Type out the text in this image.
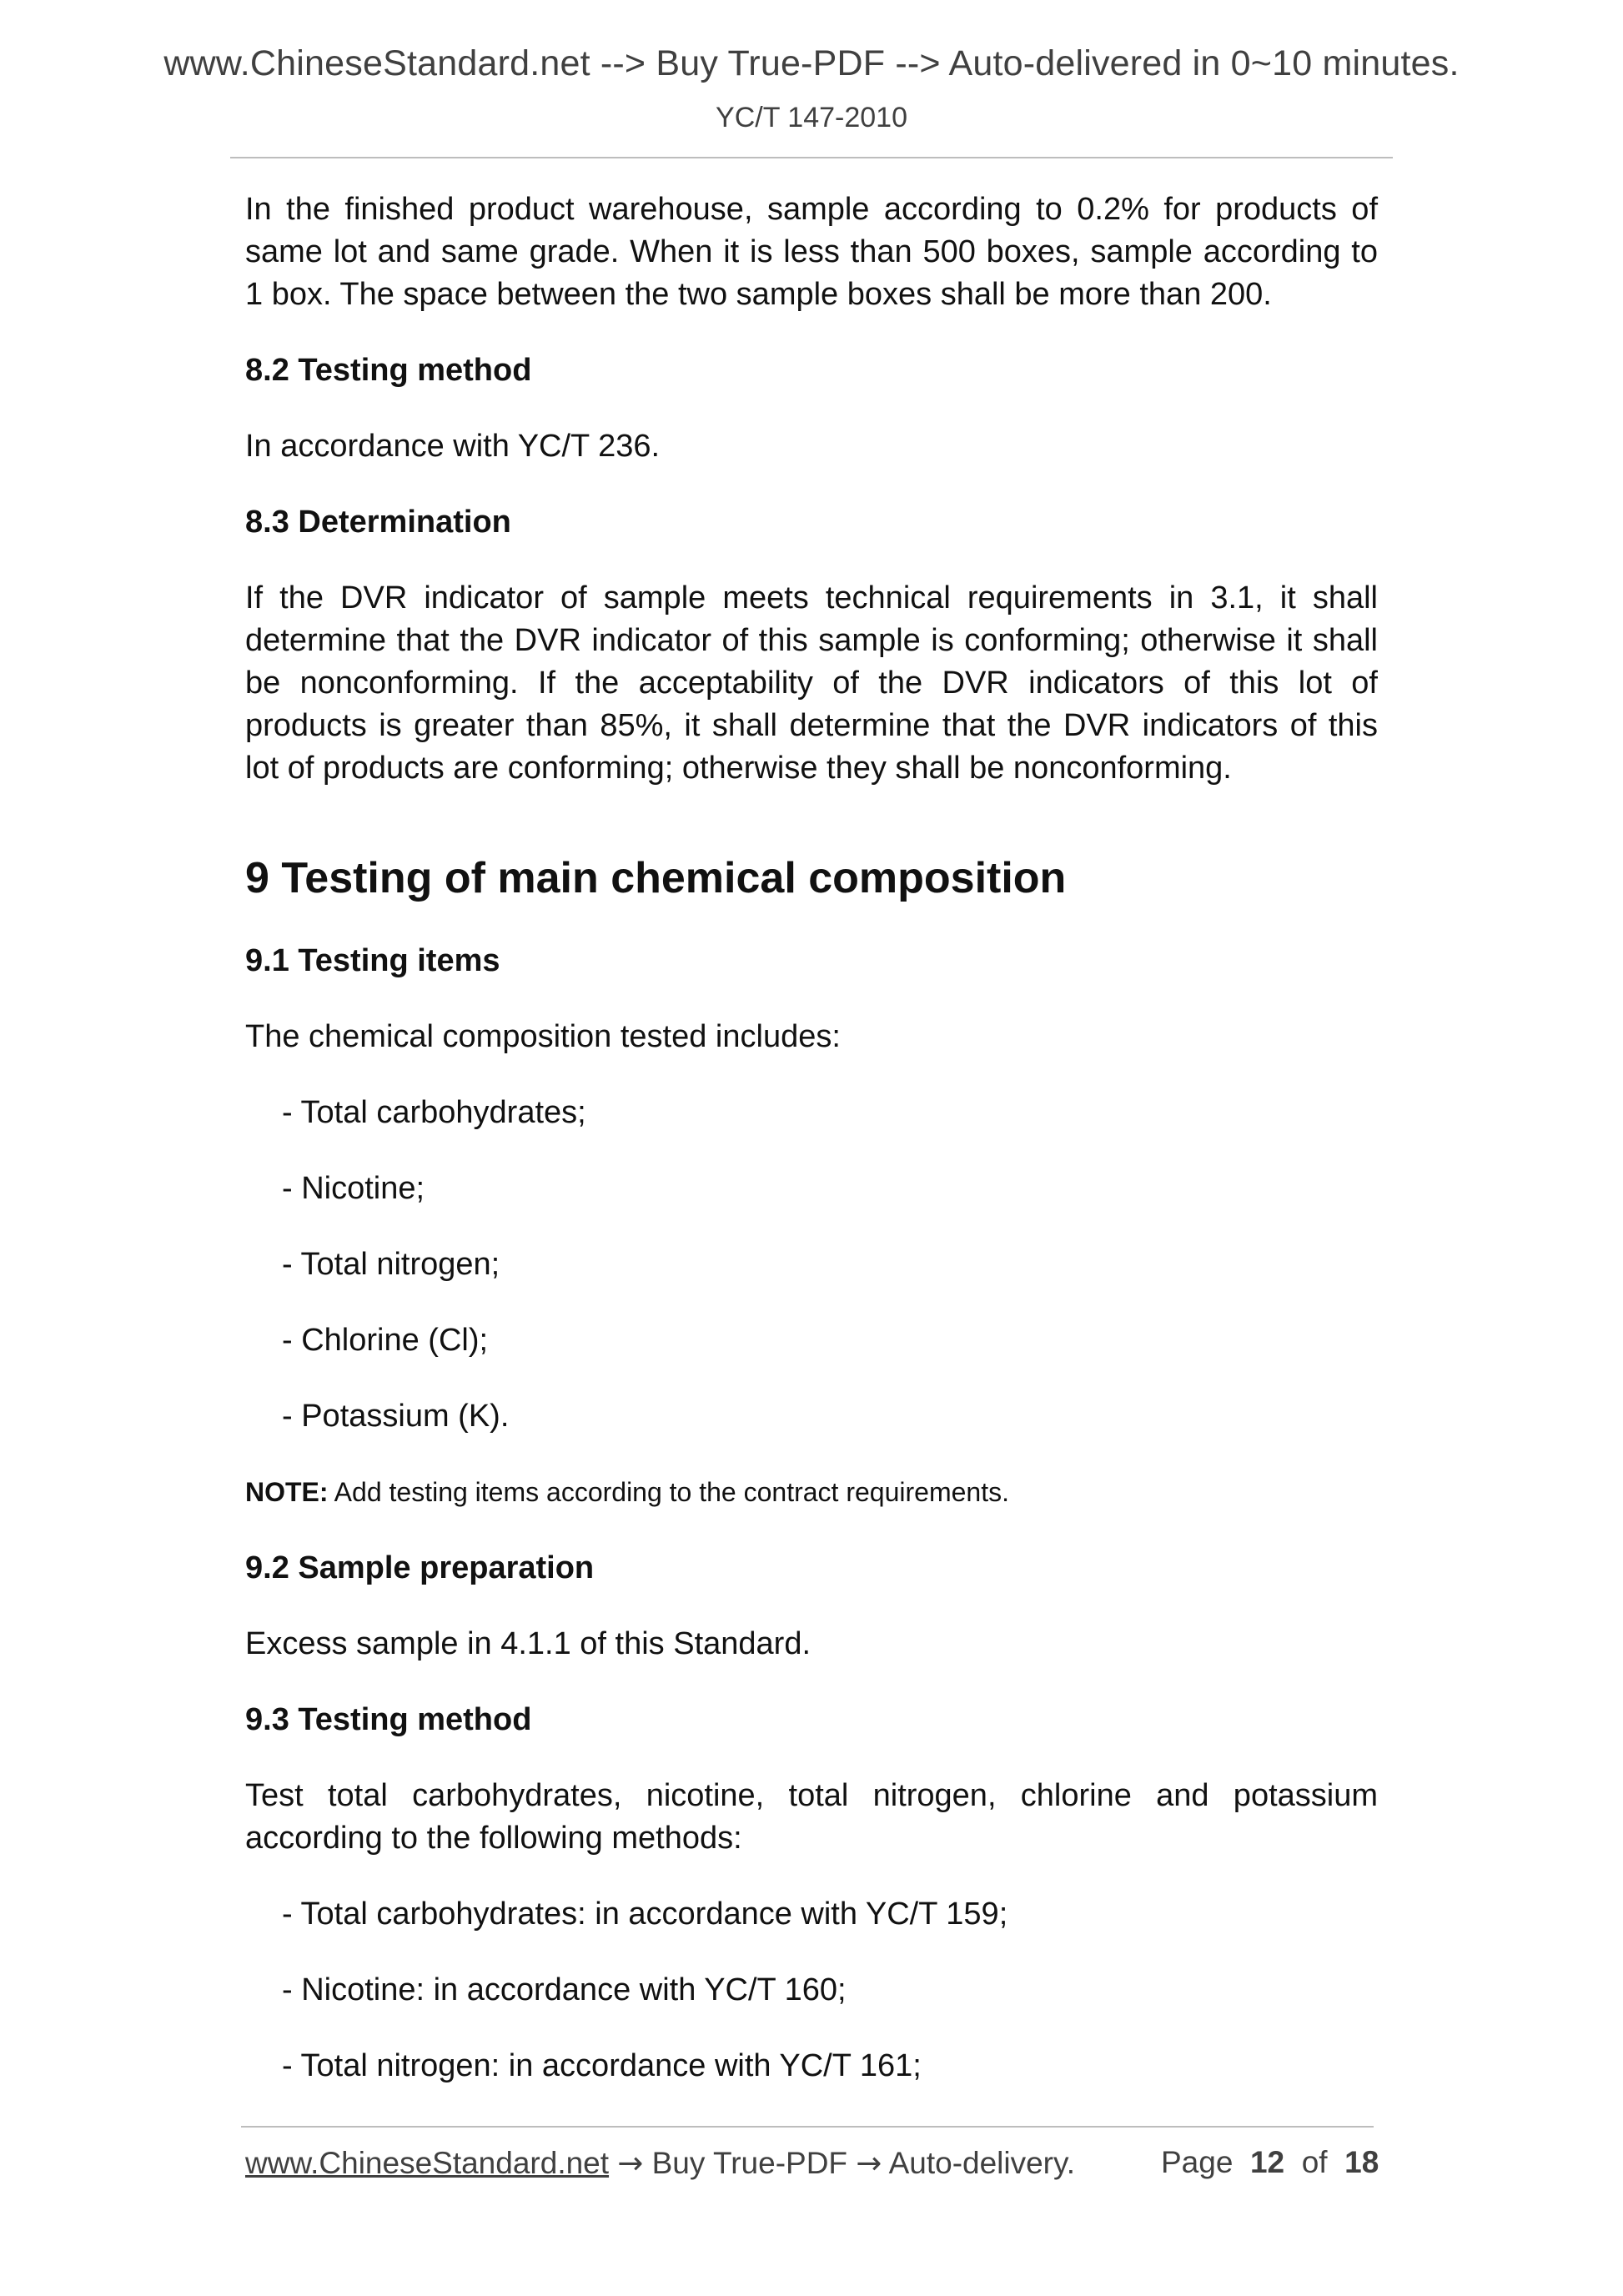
www.ChineseStandard.net --> Buy True-PDF --> Auto-delivered in 0~10 minutes.
YC/T 147-2010

In the finished product warehouse, sample according to 0.2% for products of same lot and same grade. When it is less than 500 boxes, sample according to 1 box. The space between the two sample boxes shall be more than 200.

8.2 Testing method

In accordance with YC/T 236.

8.3 Determination

If the DVR indicator of sample meets technical requirements in 3.1, it shall determine that the DVR indicator of this sample is conforming; otherwise it shall be nonconforming. If the acceptability of the DVR indicators of this lot of products is greater than 85%, it shall determine that the DVR indicators of this lot of products are conforming; otherwise they shall be nonconforming.

9 Testing of main chemical composition
9.1 Testing items

The chemical composition tested includes:

- Total carbohydrates;
- Nicotine;
- Total nitrogen;
- Chlorine (Cl);
- Potassium (K).
NOTE: Add testing items according to the contract requirements.
9.2 Sample preparation

Excess sample in 4.1.1 of this Standard.

9.3 Testing method

Test total carbohydrates, nicotine, total nitrogen, chlorine and potassium according to the following methods:

- Total carbohydrates: in accordance with YC/T 159;
- Nicotine: in accordance with YC/T 160;
- Total nitrogen: in accordance with YC/T 161;
www.ChineseStandard.net → Buy True-PDF → Auto-delivery.	Page 12 of 18
